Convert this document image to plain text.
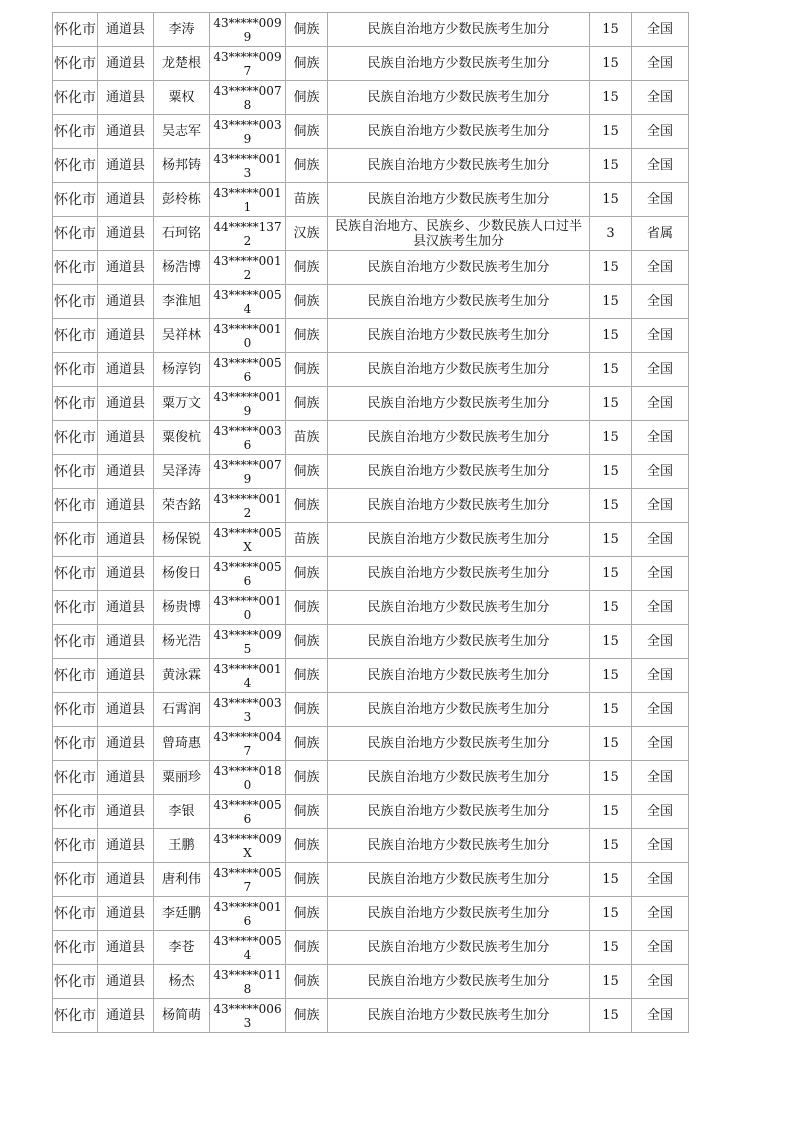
怀化市	通道县	李涛	43*****0099	侗族	民族自治地方少数民族考生加分	15	全国
怀化市	通道县	龙楚根	43*****0097	侗族	民族自治地方少数民族考生加分	15	全国
怀化市	通道县	粟权	43*****0078	侗族	民族自治地方少数民族考生加分	15	全国
怀化市	通道县	吴志军	43*****0039	侗族	民族自治地方少数民族考生加分	15	全国
怀化市	通道县	杨邦铸	43*****0013	侗族	民族自治地方少数民族考生加分	15	全国
怀化市	通道县	彭柃栋	43*****0011	苗族	民族自治地方少数民族考生加分	15	全国
怀化市	通道县	石珂铭	44*****1372	汉族	民族自治地方、民族乡、少数民族人口过半县汉族考生加分	3	省属
怀化市	通道县	杨浩博	43*****0012	侗族	民族自治地方少数民族考生加分	15	全国
怀化市	通道县	李淮旭	43*****0054	侗族	民族自治地方少数民族考生加分	15	全国
怀化市	通道县	吴祥林	43*****0010	侗族	民族自治地方少数民族考生加分	15	全国
怀化市	通道县	杨淳钧	43*****0056	侗族	民族自治地方少数民族考生加分	15	全国
怀化市	通道县	粟万文	43*****0019	侗族	民族自治地方少数民族考生加分	15	全国
怀化市	通道县	粟俊杭	43*****0036	苗族	民族自治地方少数民族考生加分	15	全国
怀化市	通道县	吴泽涛	43*****0079	侗族	民族自治地方少数民族考生加分	15	全国
怀化市	通道县	荣杏銘	43*****0012	侗族	民族自治地方少数民族考生加分	15	全国
怀化市	通道县	杨保锐	43*****005X	苗族	民族自治地方少数民族考生加分	15	全国
怀化市	通道县	杨俊日	43*****0056	侗族	民族自治地方少数民族考生加分	15	全国
怀化市	通道县	杨贵博	43*****0010	侗族	民族自治地方少数民族考生加分	15	全国
怀化市	通道县	杨光浩	43*****0095	侗族	民族自治地方少数民族考生加分	15	全国
怀化市	通道县	黄泳霖	43*****0014	侗族	民族自治地方少数民族考生加分	15	全国
怀化市	通道县	石霄润	43*****0033	侗族	民族自治地方少数民族考生加分	15	全国
怀化市	通道县	曾琦惠	43*****0047	侗族	民族自治地方少数民族考生加分	15	全国
怀化市	通道县	粟丽珍	43*****0180	侗族	民族自治地方少数民族考生加分	15	全国
怀化市	通道县	李银	43*****0056	侗族	民族自治地方少数民族考生加分	15	全国
怀化市	通道县	王鹏	43*****009X	侗族	民族自治地方少数民族考生加分	15	全国
怀化市	通道县	唐利伟	43*****0057	侗族	民族自治地方少数民族考生加分	15	全国
怀化市	通道县	李廷鹏	43*****0016	侗族	民族自治地方少数民族考生加分	15	全国
怀化市	通道县	李苍	43*****0054	侗族	民族自治地方少数民族考生加分	15	全国
怀化市	通道县	杨杰	43*****0118	侗族	民族自治地方少数民族考生加分	15	全国
怀化市	通道县	杨简萌	43*****0063	侗族	民族自治地方少数民族考生加分	15	全国
